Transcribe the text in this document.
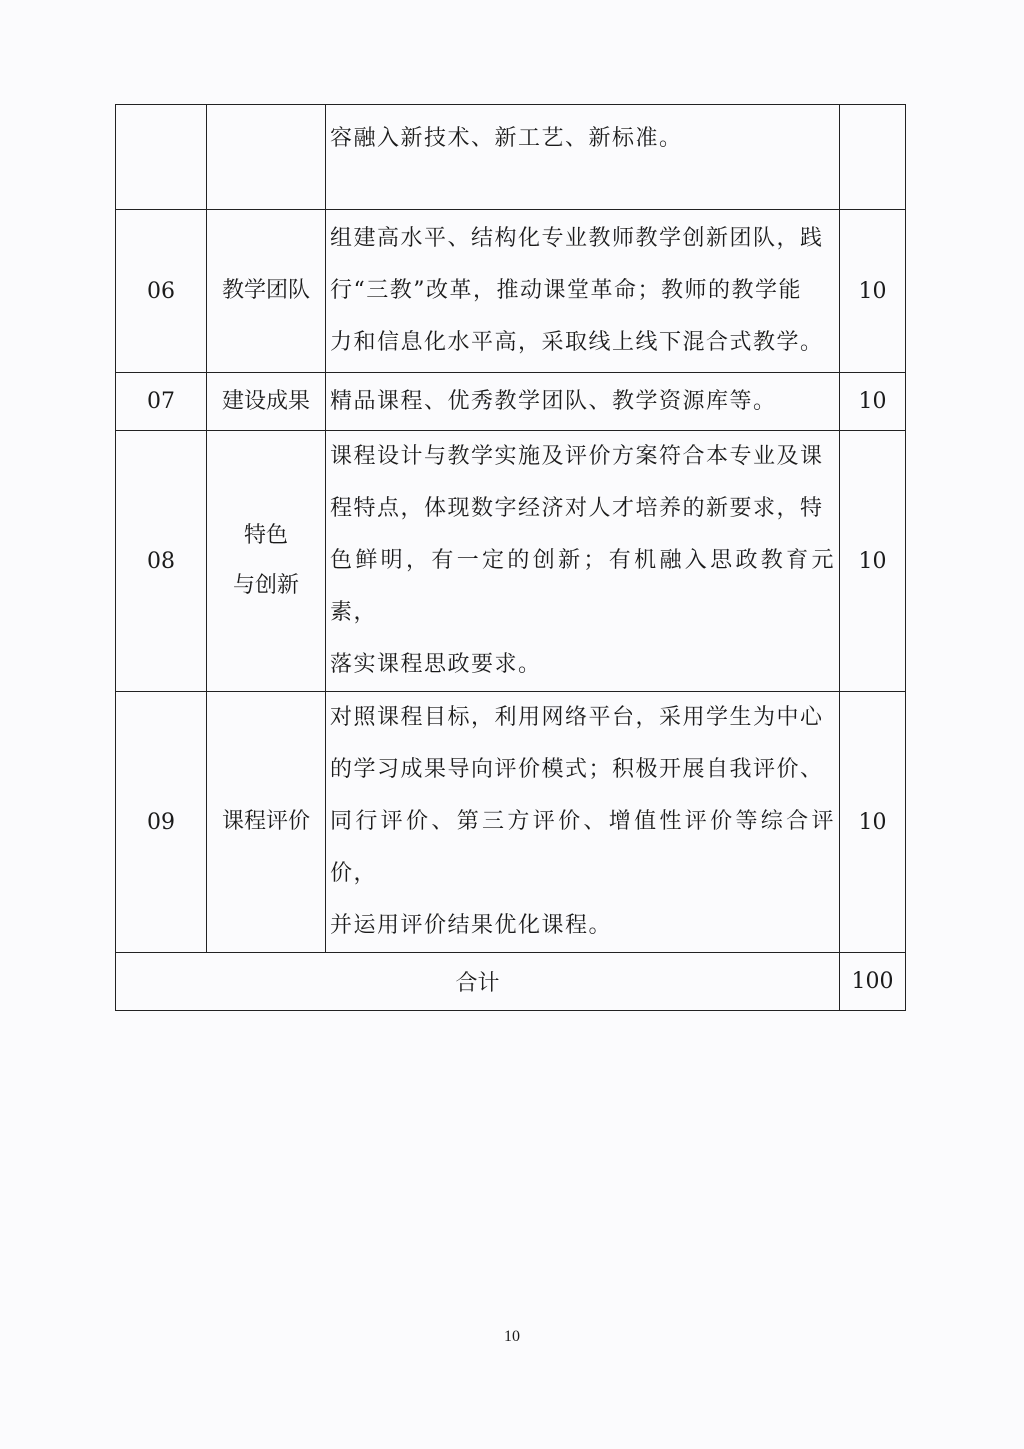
		容融入新技术、新工艺、新标准。	

06	教学团队	组建高水平、结构化专业教师教学创新团队，践
行“三教”改革，推动课堂革命；教师的教学能
力和信息化水平高，采取线上线下混合式教学。	10
07	建设成果	精品课程、优秀教学团队、教学资源库等。	10
08	特色
与创新	课程设计与教学实施及评价方案符合本专业及课
程特点，体现数字经济对人才培养的新要求，特
色鲜明，有一定的创新；有机融入思政教育元素，
落实课程思政要求。	10
09	课程评价	对照课程目标，利用网络平台，采用学生为中心
的学习成果导向评价模式；积极开展自我评价、
同行评价、第三方评价、增值性评价等综合评价，
并运用评价结果优化课程。	10
合计			100
10
